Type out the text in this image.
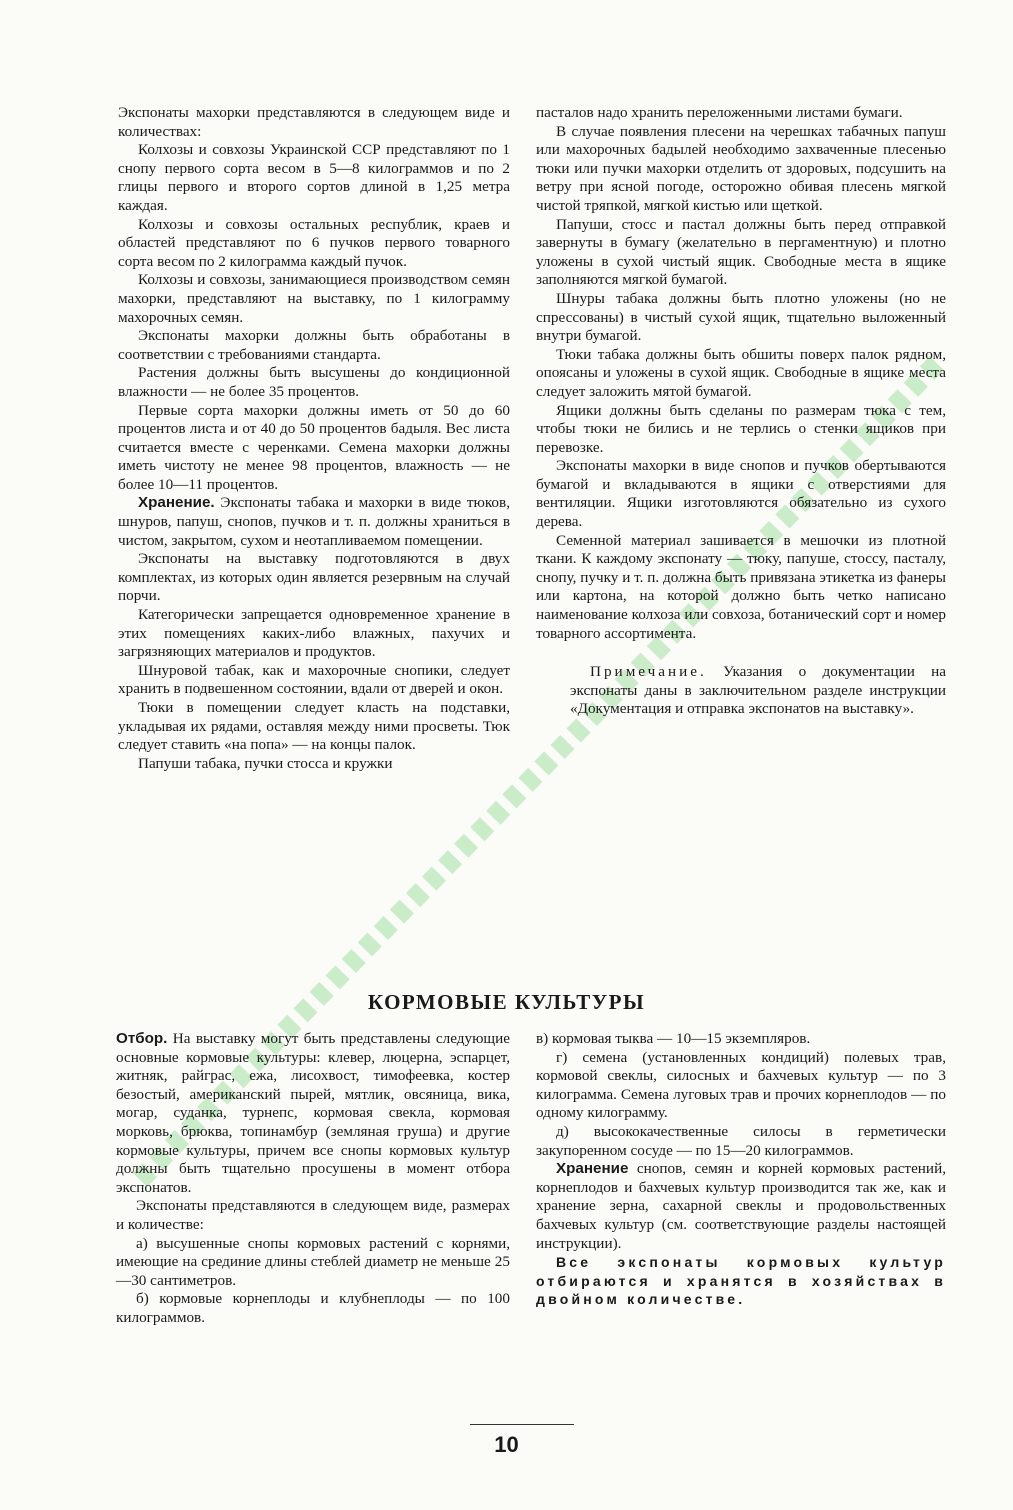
Экспонаты махорки представляются в следующем виде и количествах:

Колхозы и совхозы Украинской ССР представляют по 1 снопу первого сорта весом в 5—8 килограммов и по 2 глицы первого и второго сортов длиной в 1,25 метра каждая.

Колхозы и совхозы остальных республик, краев и областей представляют по 6 пучков первого товарного сорта весом по 2 килограмма каждый пучок.

Колхозы и совхозы, занимающиеся производством семян махорки, представляют на выставку, по 1 килограмму махорочных семян.

Экспонаты махорки должны быть обработаны в соответствии с требованиями стандарта.

Растения должны быть высушены до кондиционной влажности — не более 35 процентов.

Первые сорта махорки должны иметь от 50 до 60 процентов листа и от 40 до 50 процентов бадыля. Вес листа считается вместе с черенками. Семена махорки должны иметь чистоту не менее 98 процентов, влажность — не более 10—11 процентов.

Хранение. Экспонаты табака и махорки в виде тюков, шнуров, папуш, снопов, пучков и т. п. должны храниться в чистом, закрытом, сухом и неотапливаемом помещении.

Экспонаты на выставку подготовляются в двух комплектах, из которых один является резервным на случай порчи.

Категорически запрещается одновременное хранение в этих помещениях каких-либо влажных, пахучих и загрязняющих материалов и продуктов.

Шнуровой табак, как и махорочные снопики, следует хранить в подвешенном состоянии, вдали от дверей и окон.

Тюки в помещении следует класть на подставки, укладывая их рядами, оставляя между ними просветы. Тюк следует ставить «на попа» — на концы палок.

Папуши табака, пучки стосса и кружки

пасталов надо хранить переложенными листами бумаги.

В случае появления плесени на черешках табачных папуш или махорочных бадылей необходимо захваченные плесенью тюки или пучки махорки отделить от здоровых, подсушить на ветру при ясной погоде, осторожно обивая плесень мягкой чистой тряпкой, мягкой кистью или щеткой.

Папуши, стосс и пастал должны быть перед отправкой завернуты в бумагу (желательно в пергаментную) и плотно уложены в сухой чистый ящик. Свободные места в ящике заполняются мягкой бумагой.

Шнуры табака должны быть плотно уложены (но не спрессованы) в чистый сухой ящик, тщательно выложенный внутри бумагой.

Тюки табака должны быть обшиты поверх палок рядном, опоясаны и уложены в сухой ящик. Свободные в ящике места следует заложить мятой бумагой.

Ящики должны быть сделаны по размерам тюка с тем, чтобы тюки не бились и не терлись о стенки ящиков при перевозке.

Экспонаты махорки в виде снопов и пучков обертываются бумагой и вкладываются в ящики с отверстиями для вентиляции. Ящики изготовляются обязательно из сухого дерева.

Семенной материал зашивается в мешочки из плотной ткани. К каждому экспонату — тюку, папуше, стоссу, пасталу, снопу, пучку и т. п. должна быть привязана этикетка из фанеры или картона, на которой должно быть четко написано наименование колхоза или совхоза, ботанический сорт и номер товарного ассортимента.

Примечание. Указания о документации на экспонаты даны в заключительном разделе инструкции «Документация и отправка экспонатов на выставку».

КОРМОВЫЕ КУЛЬТУРЫ

Отбор. На выставку могут быть представлены следующие основные кормовые культуры: клевер, люцерна, эспарцет, житняк, райграс, ежа, лисохвост, тимофеевка, костер безостый, американский пырей, мятлик, овсяница, вика, могар, суданка, турнепс, кормовая свекла, кормовая морковь, брюква, топинамбур (земляная груша) и другие кормовые культуры, причем все снопы кормовых культур должны быть тщательно просушены в момент отбора экспонатов.

Экспонаты представляются в следующем виде, размерах и количестве:

а) высушенные снопы кормовых растений с корнями, имеющие на срединие длины стеблей диаметр не меньше 25—30 сантиметров.

б) кормовые корнеплоды и клубнеплоды — по 100 килограммов.

в) кормовая тыква — 10—15 экземпляров.

г) семена (установленных кондиций) полевых трав, кормовой свеклы, силосных и бахчевых культур — по 3 килограмма. Семена луговых трав и прочих корнеплодов — по одному килограмму.

д) высококачественные силосы в герметически закупоренном сосуде — по 15—20 килограммов.

Хранение снопов, семян и корней кормовых растений, корнеплодов и бахчевых культур производится так же, как и хранение зерна, сахарной свеклы и продовольственных бахчевых культур (см. соответствующие разделы настоящей инструкции).

Все экспонаты кормовых культур отбираются и хранятся в хозяйствах в двойном количестве.

10
